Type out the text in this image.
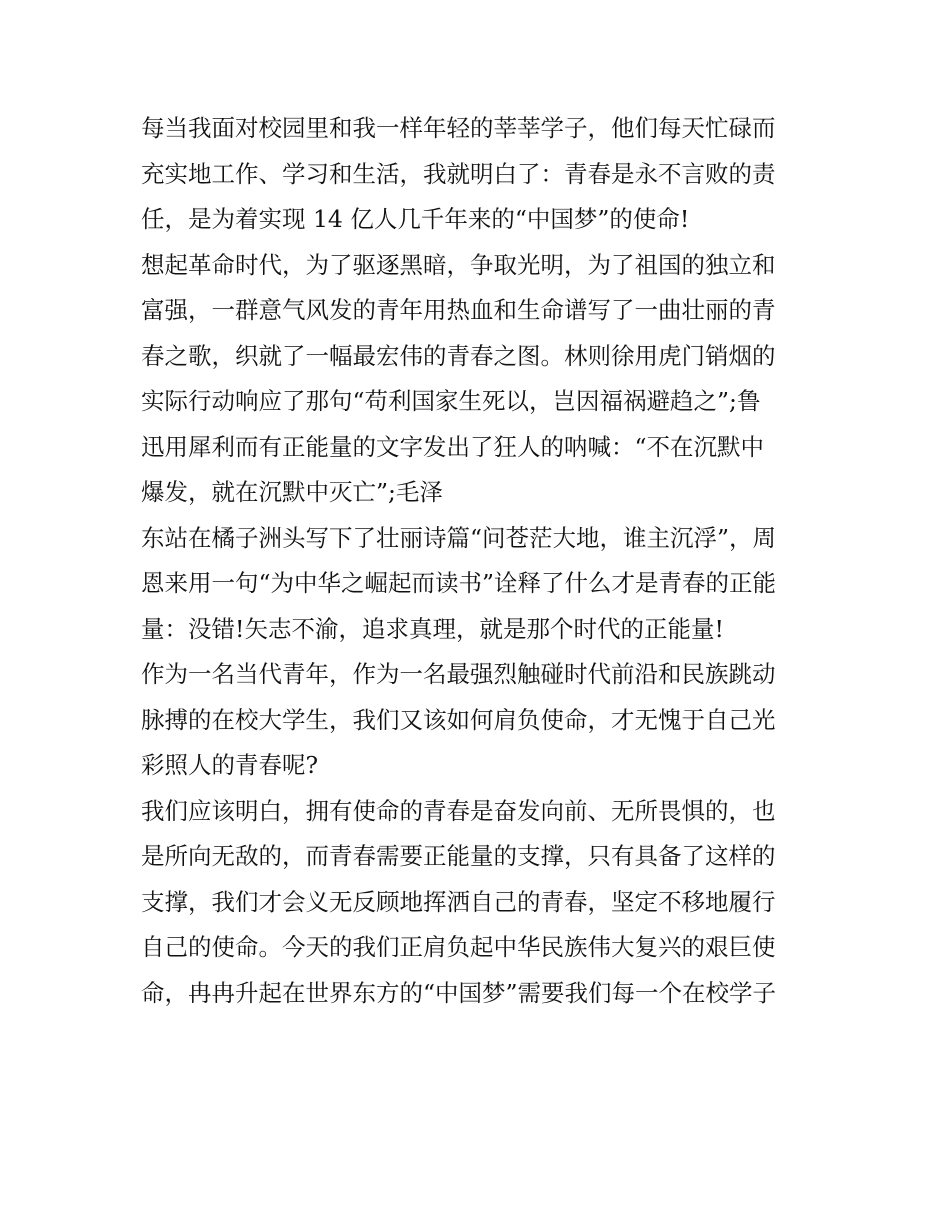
每当我面对校园里和我一样年轻的莘莘学子，他们每天忙碌而
充实地工作、学习和生活，我就明白了：青春是永不言败的责
任，是为着实现 14 亿人几千年来的“中国梦”的使命!
想起革命时代，为了驱逐黑暗，争取光明，为了祖国的独立和
富强，一群意气风发的青年用热血和生命谱写了一曲壮丽的青
春之歌，织就了一幅最宏伟的青春之图。林则徐用虎门销烟的
实际行动响应了那句“苟利国家生死以，岂因福祸避趋之”;鲁
迅用犀利而有正能量的文字发出了狂人的呐喊：“不在沉默中
爆发，就在沉默中灭亡”;毛泽
东站在橘子洲头写下了壮丽诗篇“问苍茫大地，谁主沉浮”，周
恩来用一句“为中华之崛起而读书”诠释了什么才是青春的正能
量：没错!矢志不渝，追求真理，就是那个时代的正能量!
作为一名当代青年，作为一名最强烈触碰时代前沿和民族跳动
脉搏的在校大学生，我们又该如何肩负使命，才无愧于自己光
彩照人的青春呢?
我们应该明白，拥有使命的青春是奋发向前、无所畏惧的，也
是所向无敌的，而青春需要正能量的支撑，只有具备了这样的
支撑，我们才会义无反顾地挥洒自己的青春，坚定不移地履行
自己的使命。今天的我们正肩负起中华民族伟大复兴的艰巨使
命，冉冉升起在世界东方的“中国梦”需要我们每一个在校学子
